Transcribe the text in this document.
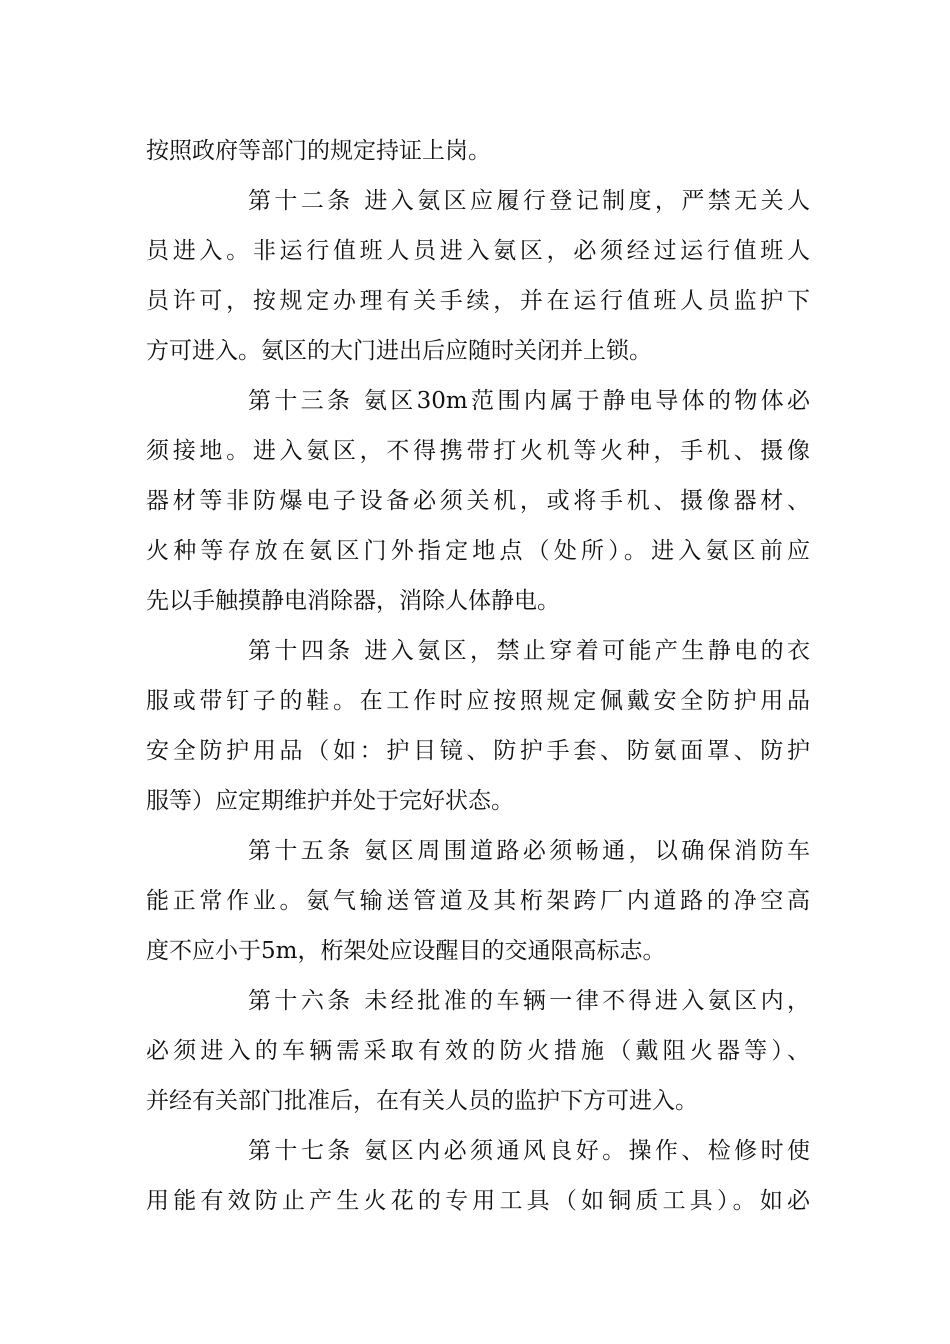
按照政府等部门的规定持证上岗。
第十二条 进入氨区应履行登记制度，严禁无关人
员进入。非运行值班人员进入氨区，必须经过运行值班人
员许可，按规定办理有关手续，并在运行值班人员监护下
方可进入。氨区的大门进出后应随时关闭并上锁。
第十三条 氨区30m范围内属于静电导体的物体必
须接地。进入氨区，不得携带打火机等火种，手机、摄像
器材等非防爆电子设备必须关机，或将手机、摄像器材、
火种等存放在氨区门外指定地点（处所）。进入氨区前应
先以手触摸静电消除器，消除人体静电。
第十四条 进入氨区，禁止穿着可能产生静电的衣
服或带钉子的鞋。在工作时应按照规定佩戴安全防护用品
安全防护用品（如：护目镜、防护手套、防氨面罩、防护
服等）应定期维护并处于完好状态。
第十五条 氨区周围道路必须畅通，以确保消防车
能正常作业。氨气输送管道及其桁架跨厂内道路的净空高
度不应小于5m，桁架处应设醒目的交通限高标志。
第十六条 未经批准的车辆一律不得进入氨区内，
必须进入的车辆需采取有效的防火措施（戴阻火器等）、
并经有关部门批准后，在有关人员的监护下方可进入。
第十七条 氨区内必须通风良好。操作、检修时使
用能有效防止产生火花的专用工具（如铜质工具）。如必
